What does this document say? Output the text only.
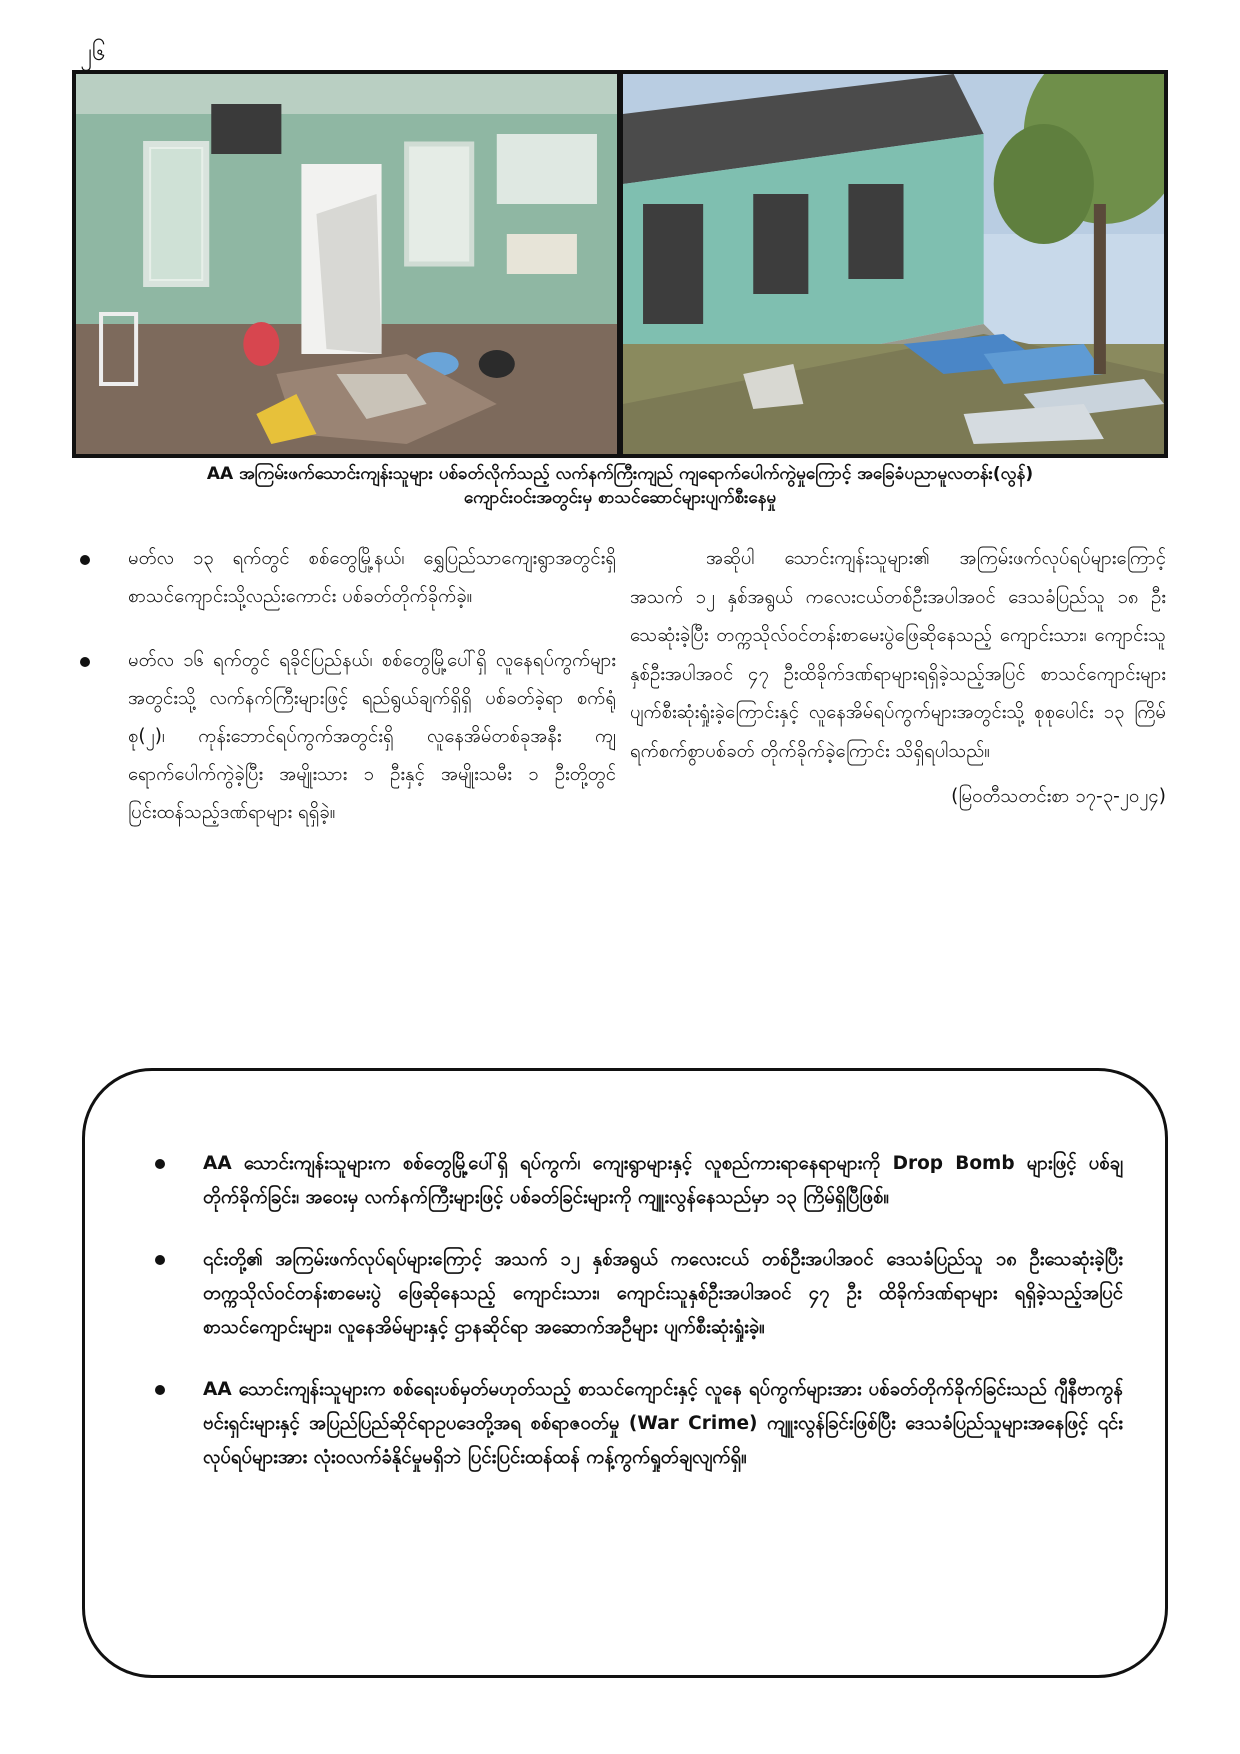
၂၆
AA အကြမ်းဖက်သောင်းကျန်းသူများ ပစ်ခတ်လိုက်သည့် လက်နက်ကြီးကျည် ကျရောက်ပေါက်ကွဲမှုကြောင့် အခြေခံပညာမူလတန်း(လွန်)
ကျောင်းဝင်းအတွင်းမှ စာသင်ဆောင်များပျက်စီးနေမှု
မတ်လ ၁၃ ရက်တွင် စစ်တွေမြို့နယ်၊ ရွှေပြည်သာကျေးရွာအတွင်းရှိ စာသင်ကျောင်းသို့လည်းကောင်း ပစ်ခတ်တိုက်ခိုက်ခဲ့။
မတ်လ ၁၆ ရက်တွင် ရခိုင်ပြည်နယ်၊ စစ်တွေမြို့ပေါ်ရှိ လူနေရပ်ကွက်များအတွင်းသို့ လက်နက်ကြီးများဖြင့် ရည်ရွယ်ချက်ရှိရှိ ပစ်ခတ်ခဲ့ရာ စက်ရုံစု(၂)၊ ကုန်းဘောင်ရပ်ကွက်အတွင်းရှိ လူနေအိမ်တစ်ခုအနီး ကျရောက်ပေါက်ကွဲခဲ့ပြီး အမျိုးသား ၁ ဦးနှင့် အမျိုးသမီး ၁ ဦးတို့တွင် ပြင်းထန်သည့်ဒဏ်ရာများ ရရှိခဲ့။

အဆိုပါ သောင်းကျန်းသူများ၏ အကြမ်းဖက်လုပ်ရပ်များကြောင့် အသက် ၁၂ နှစ်အရွယ် ကလေးငယ်တစ်ဦးအပါအဝင် ဒေသခံပြည်သူ ၁၈ ဦးသေဆုံးခဲ့ပြီး တက္ကသိုလ်ဝင်တန်းစာမေးပွဲဖြေဆိုနေသည့် ကျောင်းသား၊ ကျောင်းသူနှစ်ဦးအပါအဝင် ၄၇ ဦးထိခိုက်ဒဏ်ရာများရရှိခဲ့သည့်အပြင် စာသင်ကျောင်းများ ပျက်စီးဆုံးရှုံးခဲ့ကြောင်းနှင့် လူနေအိမ်ရပ်ကွက်များအတွင်းသို့ စုစုပေါင်း ၁၃ ကြိမ် ရက်စက်စွာပစ်ခတ် တိုက်ခိုက်ခဲ့ကြောင်း သိရှိရပါသည်။

(မြဝတီသတင်းစာ ၁၇-၃-၂၀၂၄)
AA သောင်းကျန်းသူများက စစ်တွေမြို့ပေါ်ရှိ ရပ်ကွက်၊ ကျေးရွာများနှင့် လူစည်ကားရာနေရာများကို Drop Bomb များဖြင့် ပစ်ချတိုက်ခိုက်ခြင်း၊ အဝေးမှ လက်နက်ကြီးများဖြင့် ပစ်ခတ်ခြင်းများကို ကျူးလွန်နေသည်မှာ ၁၃ ကြိမ်ရှိပြီဖြစ်။
၎င်းတို့၏ အကြမ်းဖက်လုပ်ရပ်များကြောင့် အသက် ၁၂ နှစ်အရွယ် ကလေးငယ် တစ်ဦးအပါအဝင် ဒေသခံပြည်သူ ၁၈ ဦးသေဆုံးခဲ့ပြီး တက္ကသိုလ်ဝင်တန်းစာမေးပွဲ ဖြေဆိုနေသည့် ကျောင်းသား၊ ကျောင်းသူနှစ်ဦးအပါအဝင် ၄၇ ဦး ထိခိုက်ဒဏ်ရာများ ရရှိခဲ့သည့်အပြင် စာသင်ကျောင်းများ၊ လူနေအိမ်များနှင့် ဌာနဆိုင်ရာ အဆောက်အဦများ ပျက်စီးဆုံးရှုံးခဲ့။
AA သောင်းကျန်းသူများက စစ်ရေးပစ်မှတ်မဟုတ်သည့် စာသင်ကျောင်းနှင့် လူနေ ရပ်ကွက်များအား ပစ်ခတ်တိုက်ခိုက်ခြင်းသည် ဂျီနီဗာကွန်ဗင်းရှင်းများနှင့် အပြည်ပြည်ဆိုင်ရာဥပဒေတို့အရ စစ်ရာဇဝတ်မှု (War Crime) ကျူးလွန်ခြင်းဖြစ်ပြီး ဒေသခံပြည်သူများအနေဖြင့် ၎င်းလုပ်ရပ်များအား လုံးဝလက်ခံနိုင်မှုမရှိဘဲ ပြင်းပြင်းထန်ထန် ကန့်ကွက်ရှုတ်ချလျက်ရှိ။
